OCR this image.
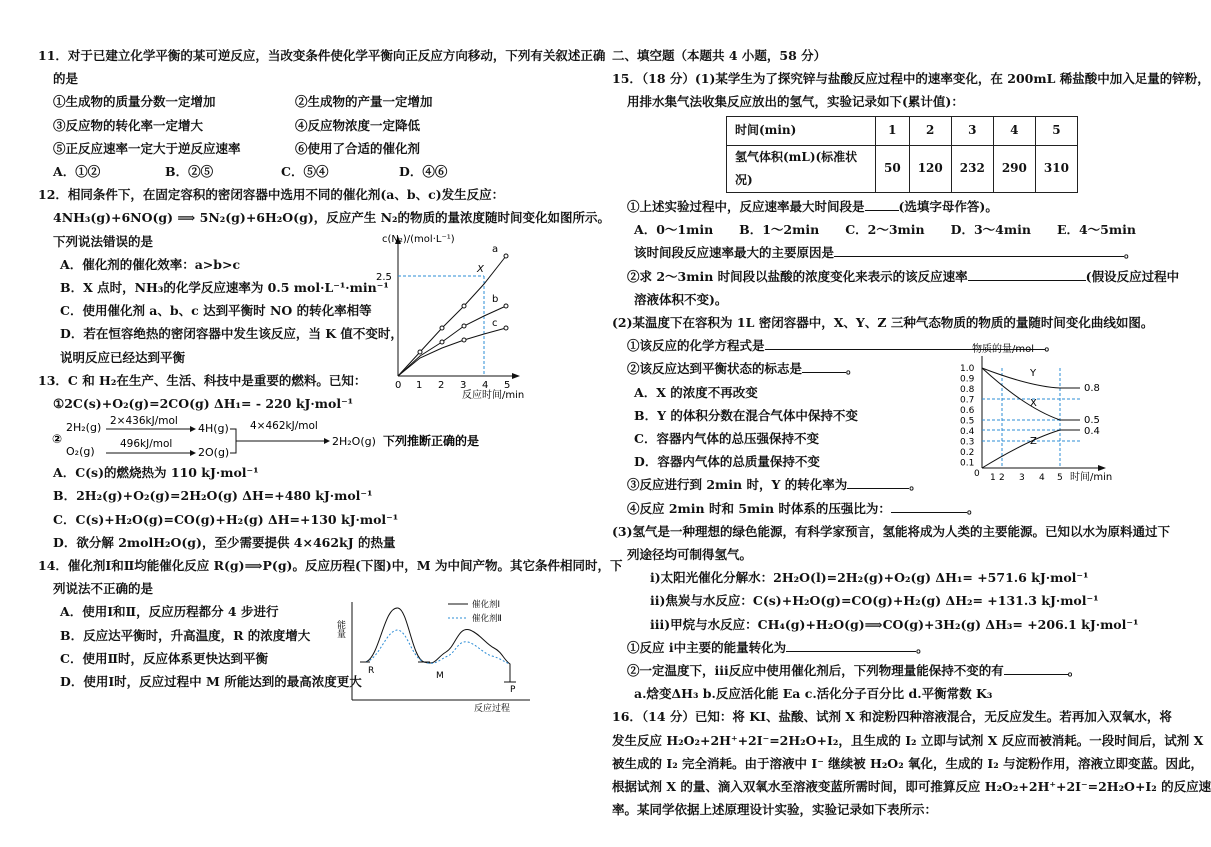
11．对于已建立化学平衡的某可逆反应，当改变条件使化学平衡向正反应方向移动，下列有关叙述正确
的是
①生成物的质量分数一定增加	②生成物的产量一定增加
③反应物的转化率一定增大	④反应物浓度一定降低
⑤正反应速率一定大于逆反应速率	⑥使用了合适的催化剂
A．①②	B．②⑤	C．⑤④	D．④⑥
12．相同条件下，在固定容积的密闭容器中选用不同的催化剂(a、b、c)发生反应：
4NH₃(g)+6NO(g) ⟹ 5N₂(g)+6H₂O(g)，反应产生 N₂的物质的量浓度随时间变化如图所示。
下列说法错误的是
A．催化剂的催化效率：a>b>c
B．X 点时，NH₃的化学反应速率为 0.5 mol·L⁻¹·min⁻¹
C．使用催化剂 a、b、c 达到平衡时 NO 的转化率相等
D．若在恒容绝热的密闭容器中发生该反应，当 K 值不变时，
说明反应已经达到平衡
13．C 和 H₂在生产、生活、科技中是重要的燃料。已知：
①2C(s)+O₂(g)=2CO(g) ΔH₁= - 220 kJ·mol⁻¹
②
2H₂(g)
O₂(g)
2×436kJ/mol
496kJ/mol
4H(g)
2O(g)
4×462kJ/mol
2H₂O(g) 下列推断正确的是
A．C(s)的燃烧热为 110 kJ·mol⁻¹
B．2H₂(g)+O₂(g)=2H₂O(g) ΔH=+480 kJ·mol⁻¹
C．C(s)+H₂O(g)=CO(g)+H₂(g) ΔH=+130 kJ·mol⁻¹
D．欲分解 2molH₂O(g)，至少需要提供 4×462kJ 的热量
14．催化剂Ⅰ和Ⅱ均能催化反应 R(g)⟹P(g)。反应历程(下图)中，M 为中间产物。其它条件相同时，下
列说法不正确的是
A．使用Ⅰ和Ⅱ，反应历程都分 4 步进行
B．反应达平衡时，升高温度，R 的浓度增大
C．使用Ⅱ时，反应体系更快达到平衡
D．使用Ⅰ时，反应过程中 M 所能达到的最高浓度更大
c(N₂)/(mol·L⁻¹)
2.5
X
0 1 2 3 4 5
a
b
c
反应时间/min
能量
催化剂Ⅰ
催化剂Ⅱ
R	M
P
反应过程
二、填空题（本题共 4 小题，58 分）
15．（18 分）(1)某学生为了探究锌与盐酸反应过程中的速率变化，在 200mL 稀盐酸中加入足量的锌粉，
用排水集气法收集反应放出的氢气，实验记录如下(累计值)：
时间(min)	1	2	3	4	5
氢气体积(mL)(标准状况)	50	120	232	290	310
①上述实验过程中，反应速率最大时间段是	(选填字母作答)。
A．0～1min B．1～2min C．2～3min D．3～4min E．4～5min
该时间段反应速率最大的主要原因是	。
②求 2～3min 时间段以盐酸的浓度变化来表示的该反应速率	(假设反应过程中
溶液体积不变)。
(2)某温度下在容积为 1L 密闭容器中，X、Y、Z 三种气态物质的物质的量随时间变化曲线如图。
①该反应的化学方程式是	。
②该反应达到平衡状态的标志是	。
A．X 的浓度不再改变
B．Y 的体积分数在混合气体中保持不变
C．容器内气体的总压强保持不变
D．容器内气体的总质量保持不变
③反应进行到 2min 时，Y 的转化率为	。
④反应 2min 时和 5min 时体系的压强比为：	。
(3)氢气是一种理想的绿色能源，有科学家预言，氢能将成为人类的主要能源。已知以水为原料通过下
列途径均可制得氢气。
ⅰ)太阳光催化分解水：2H₂O(l)=2H₂(g)+O₂(g) ΔH₁= +571.6 kJ·mol⁻¹
ⅱ)焦炭与水反应：C(s)+H₂O(g)=CO(g)+H₂(g) ΔH₂= +131.3 kJ·mol⁻¹
ⅲ)甲烷与水反应：CH₄(g)+H₂O(g)⟹CO(g)+3H₂(g) ΔH₃= +206.1 kJ·mol⁻¹
①反应 ⅰ中主要的能量转化为	。
②一定温度下，ⅲ反应中使用催化剂后，下列物理量能保持不变的有	。
a.焓变ΔH₃ b.反应活化能 Ea c.活化分子百分比 d.平衡常数 K₃
16．（14 分）已知：将 KI、盐酸、试剂 X 和淀粉四种溶液混合，无反应发生。若再加入双氧水，将
发生反应 H₂O₂+2H⁺+2I⁻=2H₂O+I₂，且生成的 I₂ 立即与试剂 X 反应而被消耗。一段时间后，试剂 X
被生成的 I₂ 完全消耗。由于溶液中 I⁻ 继续被 H₂O₂ 氧化，生成的 I₂ 与淀粉作用，溶液立即变蓝。因此，
根据试剂 X 的量、滴入双氧水至溶液变蓝所需时间，即可推算反应 H₂O₂+2H⁺+2I⁻=2H₂O+I₂ 的反应速
率。某同学依据上述原理设计实验，实验记录如下表所示：
物质的量/mol
1.0
0.9
0.8
0.7
0.6
0.5
0.4
0.3
0.2
0.1
0
Y
X
Z
0.8
0.5
0.4
1 2 3 4 5 时间/min
